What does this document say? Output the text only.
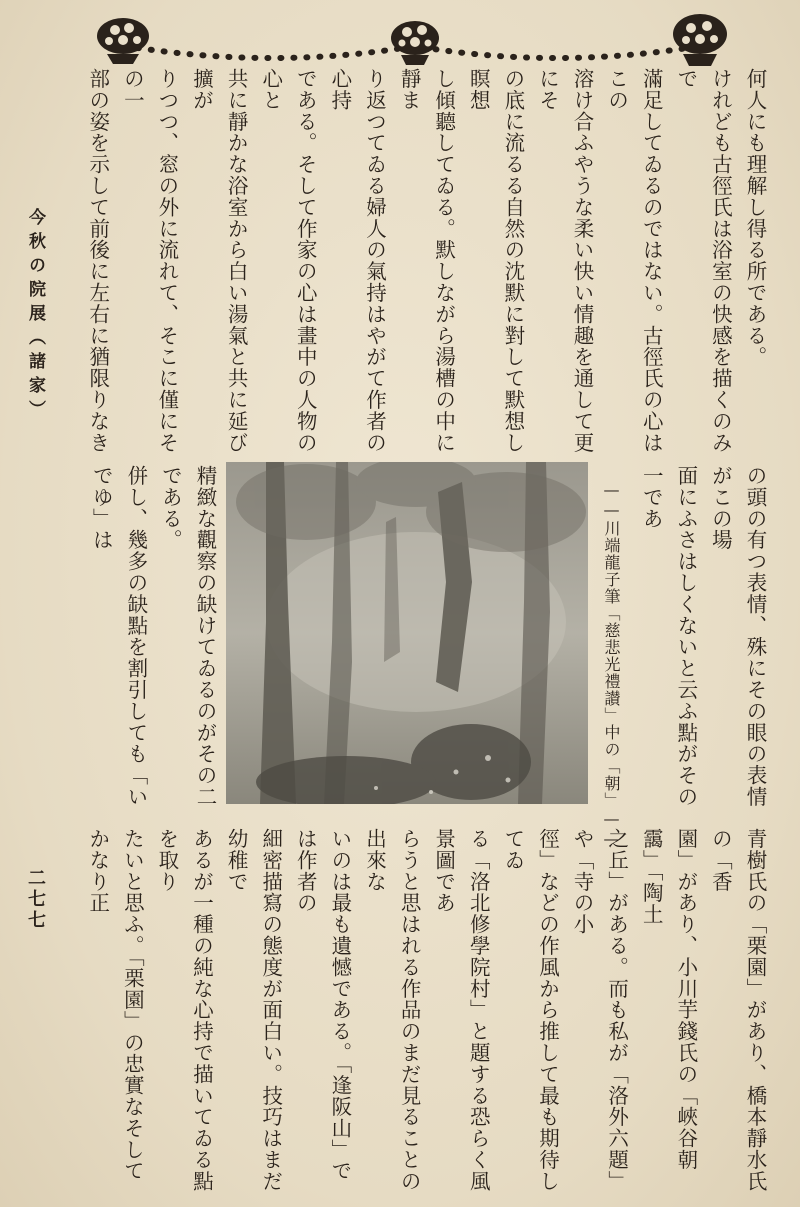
今秋の院展（諸家）
二七七
何人にも理解し得る所である。
けれども古徑氏は浴室の快感を描くのみで
滿足してゐるのではない。古徑氏の心はこの
溶け合ふやうな柔い快い情趣を通して更にそ
の底に流るる自然の沈默に對して默想し瞑想
し傾聽してゐる。默しながら湯槽の中に靜ま
り返つてゐる婦人の氣持はやがて作者の心持
である。そして作家の心は畫中の人物の心と
共に靜かな浴室から白い湯氣と共に延び擴が
りつつ、窓の外に流れて、そこに僅にその一
部の姿を示して前後に左右に猶限りなき

の頭の有つ表情、殊にその眼の表情がこの場
面にふさはしくないと云ふ點がその一であ

精緻な觀察の缺けてゐるのがその二である。
併し、幾多の缺點を割引しても「いでゆ」は

青樹氏の「栗園」があり、橋本靜水氏の「香
園」があり、小川芋錢氏の「峽谷朝靄」「陶土
之丘」がある。而も私が「洛外六題」や「寺の小
徑」などの作風から推して最も期待してゐ
る「洛北修學院村」と題する恐らく風景圖であ
らうと思はれる作品のまだ見ることの出來な
いのは最も遺憾である。「逢阪山」では作者の
細密描寫の態度が面白い。技巧はまだ幼稚で
あるが一種の純な心持で描いてゐる點を取り
たいと思ふ。「栗園」の忠實なそしてかなり正

——川端龍子筆「慈悲光禮讃」中の「朝」——
